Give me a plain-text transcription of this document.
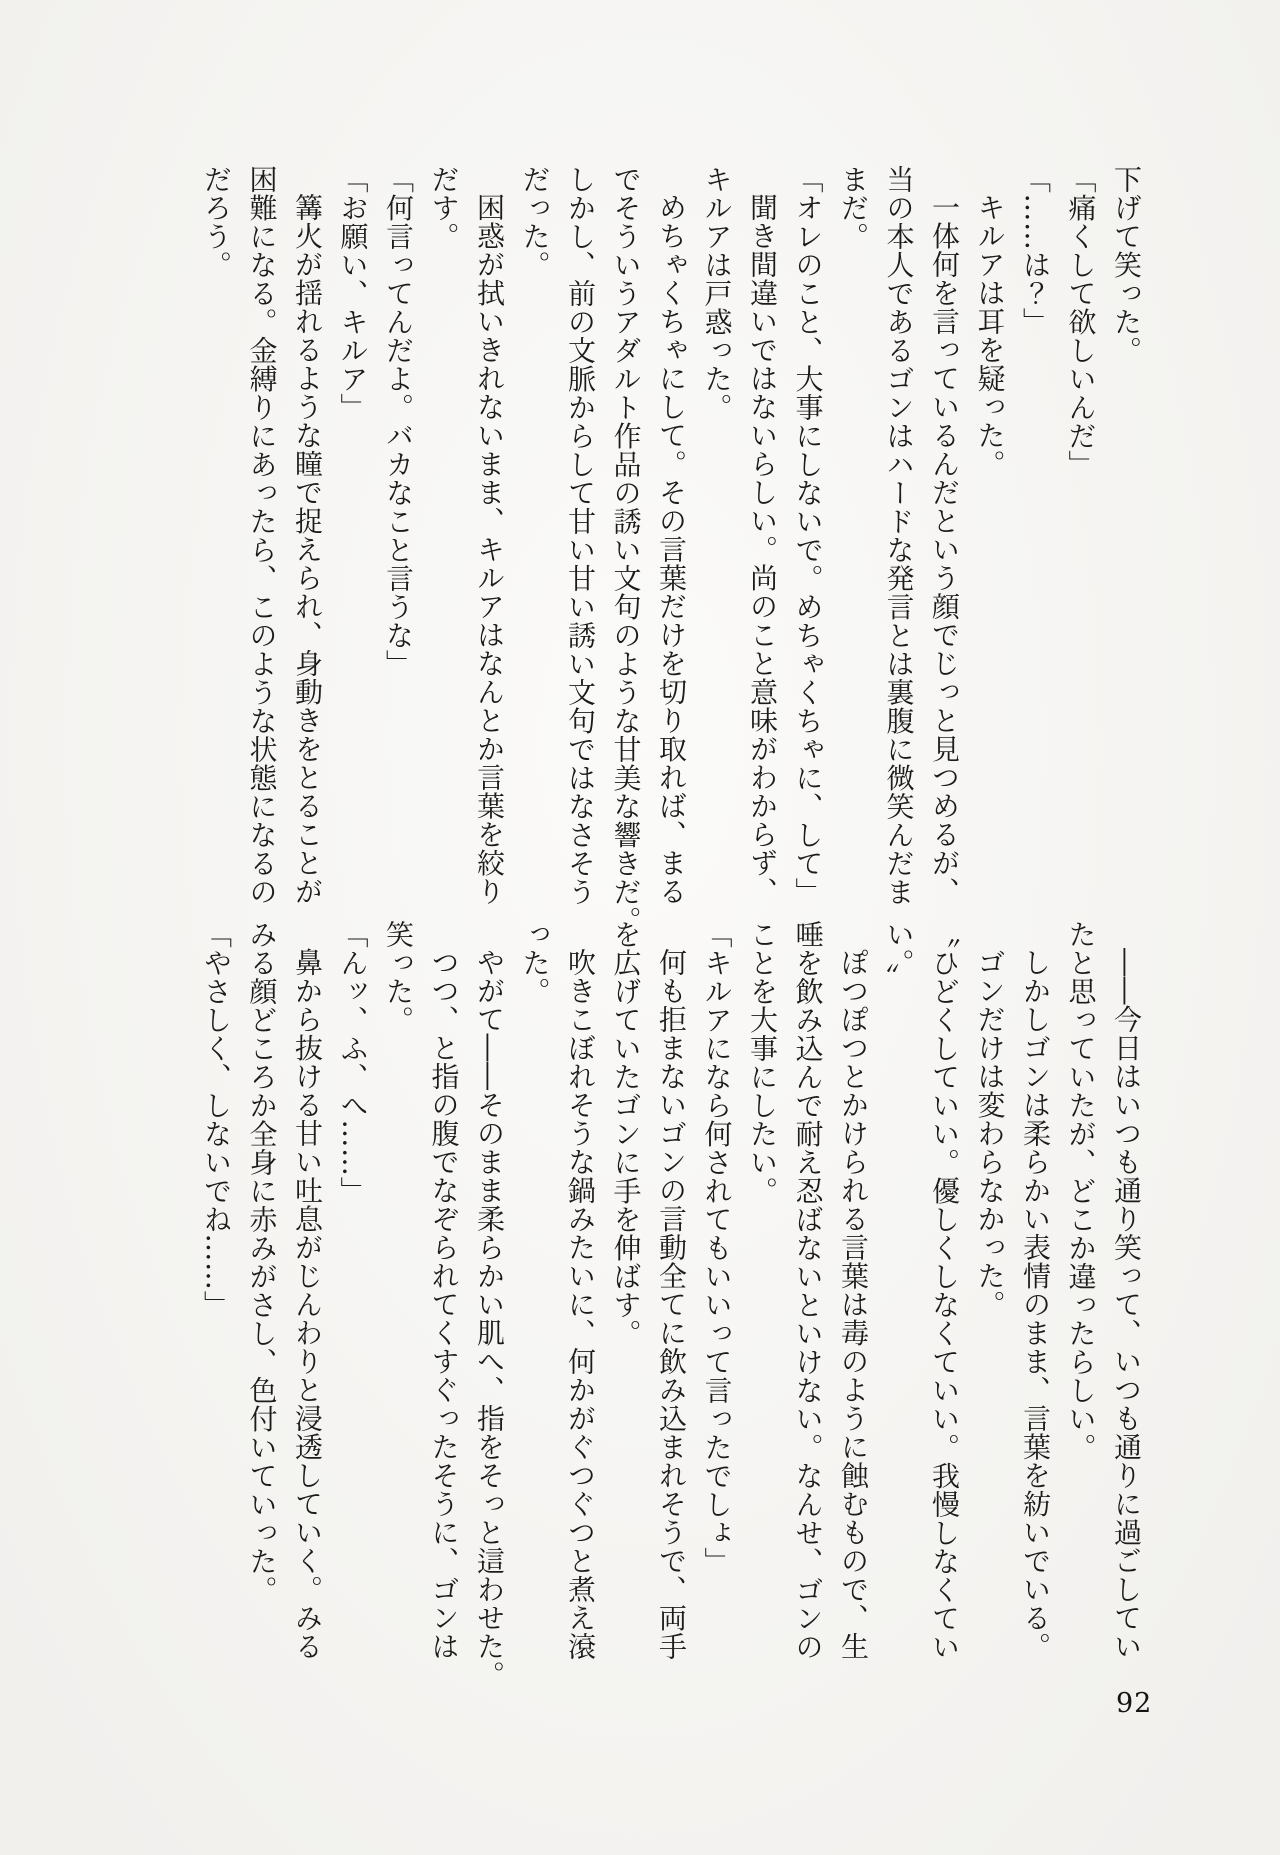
下げて笑った。

「痛くして欲しいんだ」

「……は？」

キルアは耳を疑った。

一体何を言っているんだという顔でじっと見つめるが、

当の本人であるゴンはハードな発言とは裏腹に微笑んだま

まだ。

「オレのこと、大事にしないで。めちゃくちゃに、して」

聞き間違いではないらしい。尚のこと意味がわからず、

キルアは戸惑った。

めちゃくちゃにして。その言葉だけを切り取れば、まる

でそういうアダルト作品の誘い文句のような甘美な響きだ。

しかし、前の文脈からして甘い甘い誘い文句ではなさそう

だった。

困惑が拭いきれないまま、キルアはなんとか言葉を絞り

だす。

「何言ってんだよ。バカなこと言うな」

「お願い、キルア」

篝火が揺れるような瞳で捉えられ、身動きをとることが

困難になる。金縛りにあったら、このような状態になるの

だろう。

――今日はいつも通り笑って、いつも通りに過ごしてい

たと思っていたが、どこか違ったらしい。

しかしゴンは柔らかい表情のまま、言葉を紡いでいる。

ゴンだけは変わらなかった。

〝ひどくしていい。優しくしなくていい。我慢しなくてい

い。〟

ぽつぽつとかけられる言葉は毒のように蝕むもので、生

唾を飲み込んで耐え忍ばないといけない。なんせ、ゴンの

ことを大事にしたい。

「キルアになら何されてもいいって言ったでしょ」

何も拒まないゴンの言動全てに飲み込まれそうで、両手

を広げていたゴンに手を伸ばす。

吹きこぼれそうな鍋みたいに、何かがぐつぐつと煮え滾

った。

やがて――そのまま柔らかい肌へ、指をそっと這わせた。

つつ、と指の腹でなぞられてくすぐったそうに、ゴンは

笑った。

「んッ、ふ、へ……」

鼻から抜ける甘い吐息がじんわりと浸透していく。みる

みる顔どころか全身に赤みがさし、色付いていった。

「やさしく、しないでね……」

92
